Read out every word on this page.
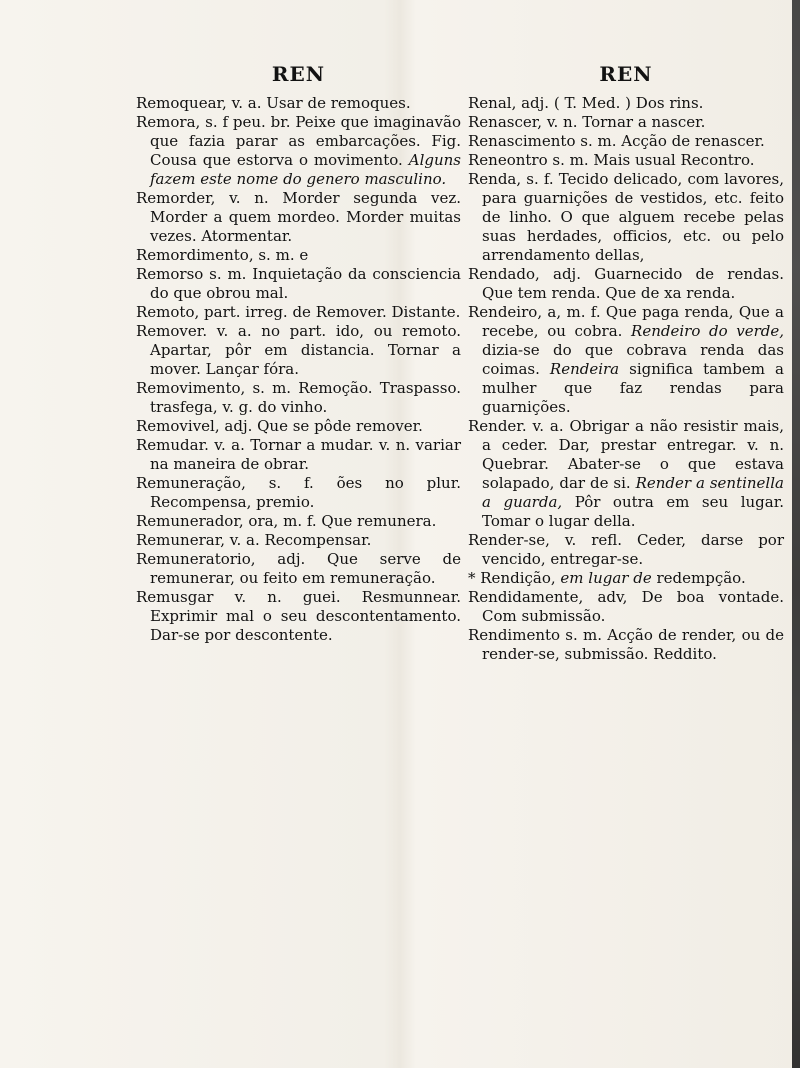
REN

Remoquear, v. a. Usar de remoques.

Remora, s. f peu. br. Peixe que imaginavão que fazia parar as embarcações. Fig. Cousa que estorva o movimento. Alguns fazem este nome do genero masculino.

Remorder, v. n. Morder segunda vez. Morder a quem mordeo. Morder muitas vezes. Atormentar.

Remordimento, s. m. e

Remorso s. m. Inquietação da consciencia do que obrou mal.

Remoto, part. irreg. de Remover. Distante.

Remover. v. a. no part. ido, ou remoto. Apartar, pôr em distancia. Tornar a mover. Lançar fóra.

Removimento, s. m. Remoção. Traspasso. trasfega, v. g. do vinho.

Removivel, adj. Que se pôde remover.

Remudar. v. a. Tornar a mudar. v. n. variar na maneira de obrar.

Remuneração, s. f. ões no plur. Recompensa, premio.

Remunerador, ora, m. f. Que remunera.

Remunerar, v. a. Recompensar.

Remuneratorio, adj. Que serve de remunerar, ou feito em remuneração.

Remusgar v. n. guei. Resmunnear. Exprimir mal o seu descontentamento. Dar-se por descontente.

REN

Renal, adj. ( T. Med. ) Dos rins.

Renascer, v. n. Tornar a nascer.

Renascimento s. m. Acção de renascer.

Reneontro s. m. Mais usual Recontro.

Renda, s. f. Tecido delicado, com lavores, para guarnições de vestidos, etc. feito de linho. O que alguem recebe pelas suas herdades, officios, etc. ou pelo arrendamento dellas,

Rendado, adj. Guarnecido de rendas. Que tem renda. Que de xa renda.

Rendeiro, a, m. f. Que paga renda, Que a recebe, ou cobra. Rendeiro do verde, dizia-se do que cobrava renda das coimas. Rendeira significa tambem a mulher que faz rendas para guarnições.

Render. v. a. Obrigar a não resistir mais, a ceder. Dar, prestar entregar. v. n. Quebrar. Abater-se o que estava solapado, dar de si. Render a sentinella a guarda, Pôr outra em seu lugar. Tomar o lugar della.

Render-se, v. refl. Ceder, darse por vencido, entregar-se.

* Rendição, em lugar de redempção.

Rendidamente, adv, De boa vontade. Com submissão.

Rendimento s. m. Acção de render, ou de render-se, submissão. Reddito.
